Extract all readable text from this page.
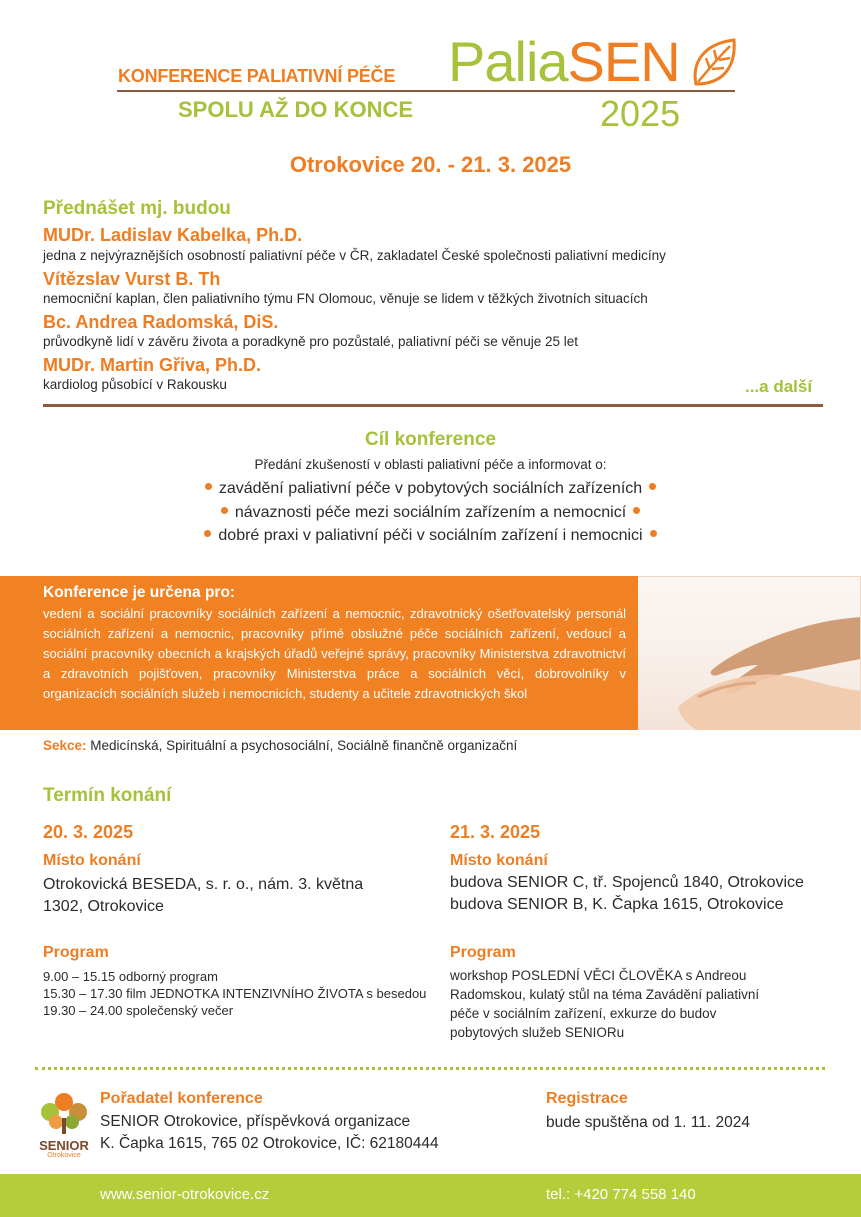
KONFERENCE PALIATIVNÍ PÉČE
SPOLU AŽ DO KONCE
PaliaSEN
2025
Otrokovice 20. - 21. 3. 2025
Přednášet mj. budou
MUDr. Ladislav Kabelka, Ph.D.
jedna z nejvýraznějších osobností paliativní péče v ČR, zakladatel České společnosti paliativní medicíny
Vítězslav Vurst B. Th
nemocniční kaplan, člen paliativního týmu FN Olomouc, věnuje se lidem v těžkých životních situacích
Bc. Andrea Radomská, DiS.
průvodkyně lidí v závěru života a poradkyně pro pozůstalé, paliativní péči se věnuje 25 let
MUDr. Martin Gřiva, Ph.D.
kardiolog působící v Rakousku	...a další
Cíl konference
Předání zkušeností v oblasti paliativní péče a informovat o:
zavádění paliativní péče v pobytových sociálních zařízeních
návaznosti péče mezi sociálním zařízením a nemocnicí
dobré praxi v paliativní péči v sociálním zařízení i nemocnici
Konference je určena pro:
vedení a sociální pracovníky sociálních zařízení a nemocnic, zdravotnický ošetřovatelský personál sociálních zařízení a nemocnic, pracovníky přímé obslužné péče sociálních zařízení, vedoucí a sociální pracovníky obecních a krajských úřadů veřejné správy, pracovníky Ministerstva zdravotnictví a zdravotních pojišťoven, pracovníky Ministerstva práce a sociálních věcí, dobrovolníky v organizacích sociálních služeb i nemocnicích, studenty a učitele zdravotnických škol
Sekce: Medicínská, Spirituální a psychosociální, Sociálně finančně organizační
Termín konání
20. 3. 2025
Místo konání
Otrokovická BESEDA, s. r. o., nám. 3. května
1302, Otrokovice
Program
9.00 – 15.15 odborný program
15.30 – 17.30 film JEDNOTKA INTENZIVNÍHO ŽIVOTA s besedou
19.30 – 24.00 společenský večer
21. 3. 2025
Místo konání
budova SENIOR C, tř. Spojenců 1840, Otrokovice
budova SENIOR B, K. Čapka 1615, Otrokovice
Program
workshop POSLEDNÍ VĚCI ČLOVĚKA s Andreou
Radomskou, kulatý stůl na téma Zavádění paliativní
péče v sociálním zařízení, exkurze do budov
pobytových služeb SENIORu
SENIOR
Otrokovice
Pořadatel konference
SENIOR Otrokovice, příspěvková organizace
K. Čapka 1615, 765 02 Otrokovice, IČ: 62180444
Registrace
bude spuštěna od 1. 11. 2024
www.senior-otrokovice.cz	tel.: +420 774 558 140
